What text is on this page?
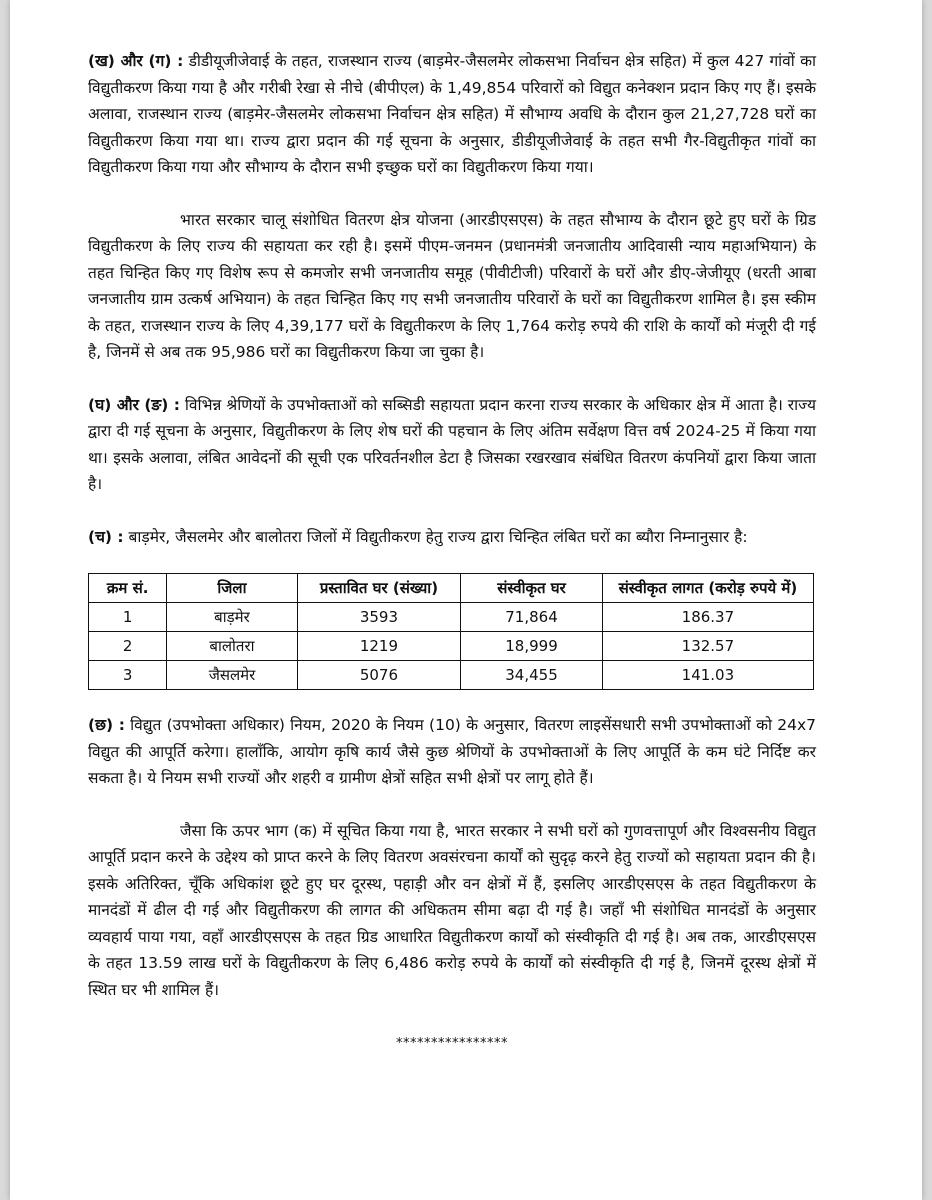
(ख) और (ग) : डीडीयूजीजेवाई के तहत, राजस्थान राज्य (बाड़मेर-जैसलमेर लोकसभा निर्वाचन क्षेत्र सहित) में कुल 427 गांवों का विद्युतीकरण किया गया है और गरीबी रेखा से नीचे (बीपीएल) के 1,49,854 परिवारों को विद्युत कनेक्शन प्रदान किए गए हैं। इसके अलावा, राजस्थान राज्य (बाड़मेर-जैसलमेर लोकसभा निर्वाचन क्षेत्र सहित) में सौभाग्य अवधि के दौरान कुल 21,27,728 घरों का विद्युतीकरण किया गया था। राज्य द्वारा प्रदान की गई सूचना के अनुसार, डीडीयूजीजेवाई के तहत सभी गैर-विद्युतीकृत गांवों का विद्युतीकरण किया गया और सौभाग्य के दौरान सभी इच्छुक घरों का विद्युतीकरण किया गया।

भारत सरकार चालू संशोधित वितरण क्षेत्र योजना (आरडीएसएस) के तहत सौभाग्य के दौरान छूटे हुए घरों के ग्रिड विद्युतीकरण के लिए राज्य की सहायता कर रही है। इसमें पीएम-जनमन (प्रधानमंत्री जनजातीय आदिवासी न्याय महाअभियान) के तहत चिन्हित किए गए विशेष रूप से कमजोर सभी जनजातीय समूह (पीवीटीजी) परिवारों के घरों और डीए-जेजीयूए (धरती आबा जनजातीय ग्राम उत्कर्ष अभियान) के तहत चिन्हित किए गए सभी जनजातीय परिवारों के घरों का विद्युतीकरण शामिल है। इस स्कीम के तहत, राजस्थान राज्य के लिए 4,39,177 घरों के विद्युतीकरण के लिए 1,764 करोड़ रुपये की राशि के कार्यों को मंजूरी दी गई है, जिनमें से अब तक 95,986 घरों का विद्युतीकरण किया जा चुका है।

(घ) और (ङ) : विभिन्न श्रेणियों के उपभोक्ताओं को सब्सिडी सहायता प्रदान करना राज्य सरकार के अधिकार क्षेत्र में आता है। राज्य द्वारा दी गई सूचना के अनुसार, विद्युतीकरण के लिए शेष घरों की पहचान के लिए अंतिम सर्वेक्षण वित्त वर्ष 2024-25 में किया गया था। इसके अलावा, लंबित आवेदनों की सूची एक परिवर्तनशील डेटा है जिसका रखरखाव संबंधित वितरण कंपनियों द्वारा किया जाता है।

(च) : बाड़मेर, जैसलमेर और बालोतरा जिलों में विद्युतीकरण हेतु राज्य द्वारा चिन्हित लंबित घरों का ब्यौरा निम्नानुसार है:

क्रम सं.	जिला	प्रस्तावित घर (संख्या)	संस्वीकृत घर	संस्वीकृत लागत (करोड़ रुपये में)
1	बाड़मेर	3593	71,864	186.37
2	बालोतरा	1219	18,999	132.57
3	जैसलमेर	5076	34,455	141.03

(छ) : विद्युत (उपभोक्ता अधिकार) नियम, 2020 के नियम (10) के अनुसार, वितरण लाइसेंसधारी सभी उपभोक्ताओं को 24x7 विद्युत की आपूर्ति करेगा। हालाँकि, आयोग कृषि कार्य जैसे कुछ श्रेणियों के उपभोक्ताओं के लिए आपूर्ति के कम घंटे निर्दिष्ट कर सकता है। ये नियम सभी राज्यों और शहरी व ग्रामीण क्षेत्रों सहित सभी क्षेत्रों पर लागू होते हैं।

जैसा कि ऊपर भाग (क) में सूचित किया गया है, भारत सरकार ने सभी घरों को गुणवत्तापूर्ण और विश्वसनीय विद्युत आपूर्ति प्रदान करने के उद्देश्य को प्राप्त करने के लिए वितरण अवसंरचना कार्यों को सुदृढ़ करने हेतु राज्यों को सहायता प्रदान की है। इसके अतिरिक्त, चूँकि अधिकांश छूटे हुए घर दूरस्थ, पहाड़ी और वन क्षेत्रों में हैं, इसलिए आरडीएसएस के तहत विद्युतीकरण के मानदंडों में ढील दी गई और विद्युतीकरण की लागत की अधिकतम सीमा बढ़ा दी गई है। जहाँ भी संशोधित मानदंडों के अनुसार व्यवहार्य पाया गया, वहाँ आरडीएसएस के तहत ग्रिड आधारित विद्युतीकरण कार्यों को संस्वीकृति दी गई है। अब तक, आरडीएसएस के तहत 13.59 लाख घरों के विद्युतीकरण के लिए 6,486 करोड़ रुपये के कार्यों को संस्वीकृति दी गई है, जिनमें दूरस्थ क्षेत्रों में स्थित घर भी शामिल हैं।

****************
